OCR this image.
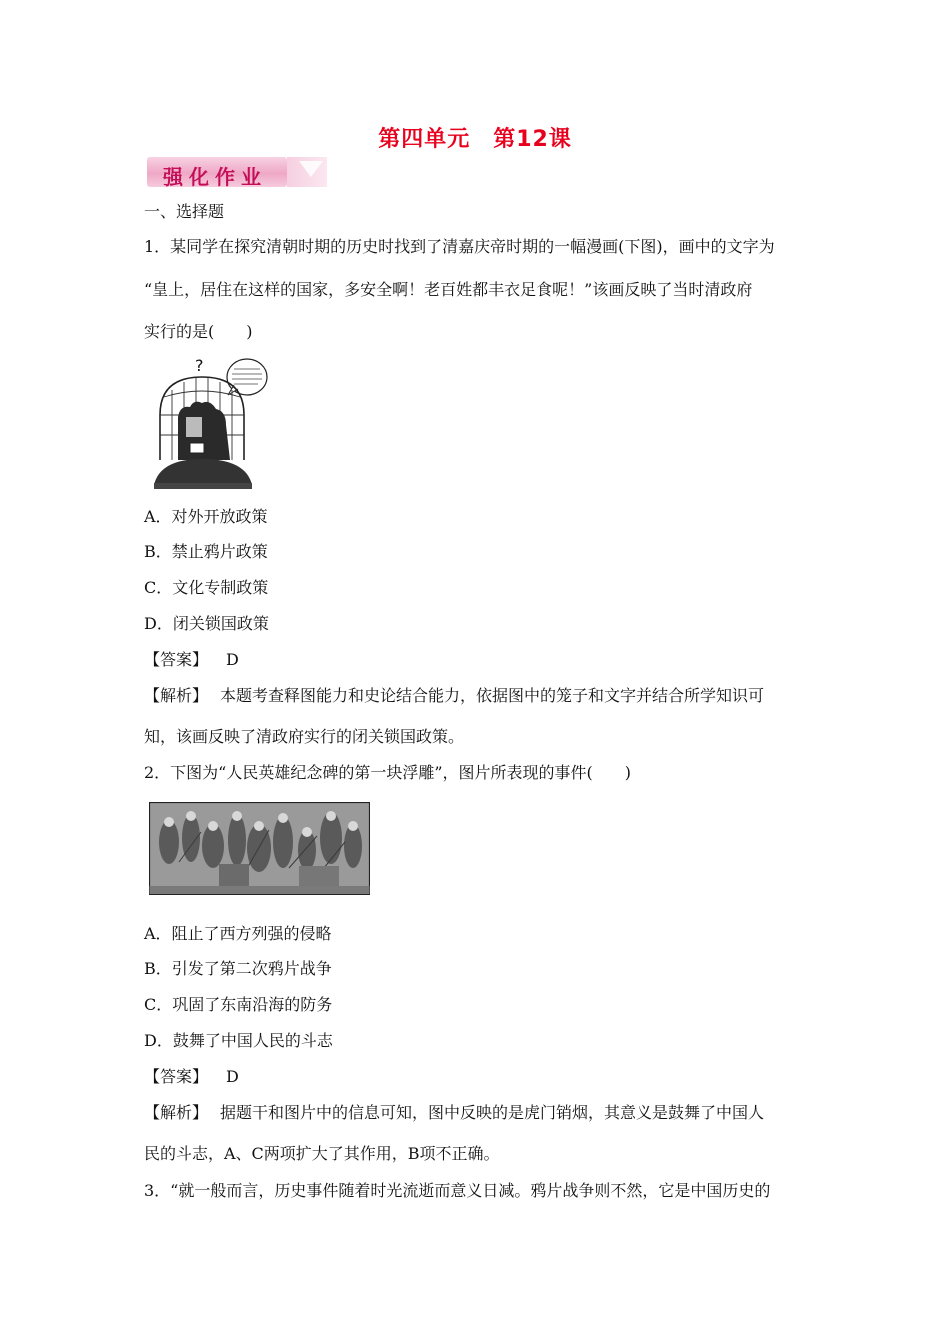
第四单元　第12课
强化作业
一、选择题
1．某同学在探究清朝时期的历史时找到了清嘉庆帝时期的一幅漫画(下图)，画中的文字为
“皇上，居住在这样的国家，多安全啊！老百姓都丰衣足食呢！”该画反映了当时清政府
实行的是(　　)
?
A．对外开放政策
B．禁止鸦片政策
C．文化专制政策
D．闭关锁国政策
【答案】 D
【解析】 本题考查释图能力和史论结合能力，依据图中的笼子和文字并结合所学知识可
知，该画反映了清政府实行的闭关锁国政策。
2．下图为“人民英雄纪念碑的第一块浮雕”，图片所表现的事件(　　)
A．阻止了西方列强的侵略
B．引发了第二次鸦片战争
C．巩固了东南沿海的防务
D．鼓舞了中国人民的斗志
【答案】 D
【解析】 据题干和图片中的信息可知，图中反映的是虎门销烟，其意义是鼓舞了中国人
民的斗志，A、C两项扩大了其作用，B项不正确。
3．“就一般而言，历史事件随着时光流逝而意义日减。鸦片战争则不然，它是中国历史的
